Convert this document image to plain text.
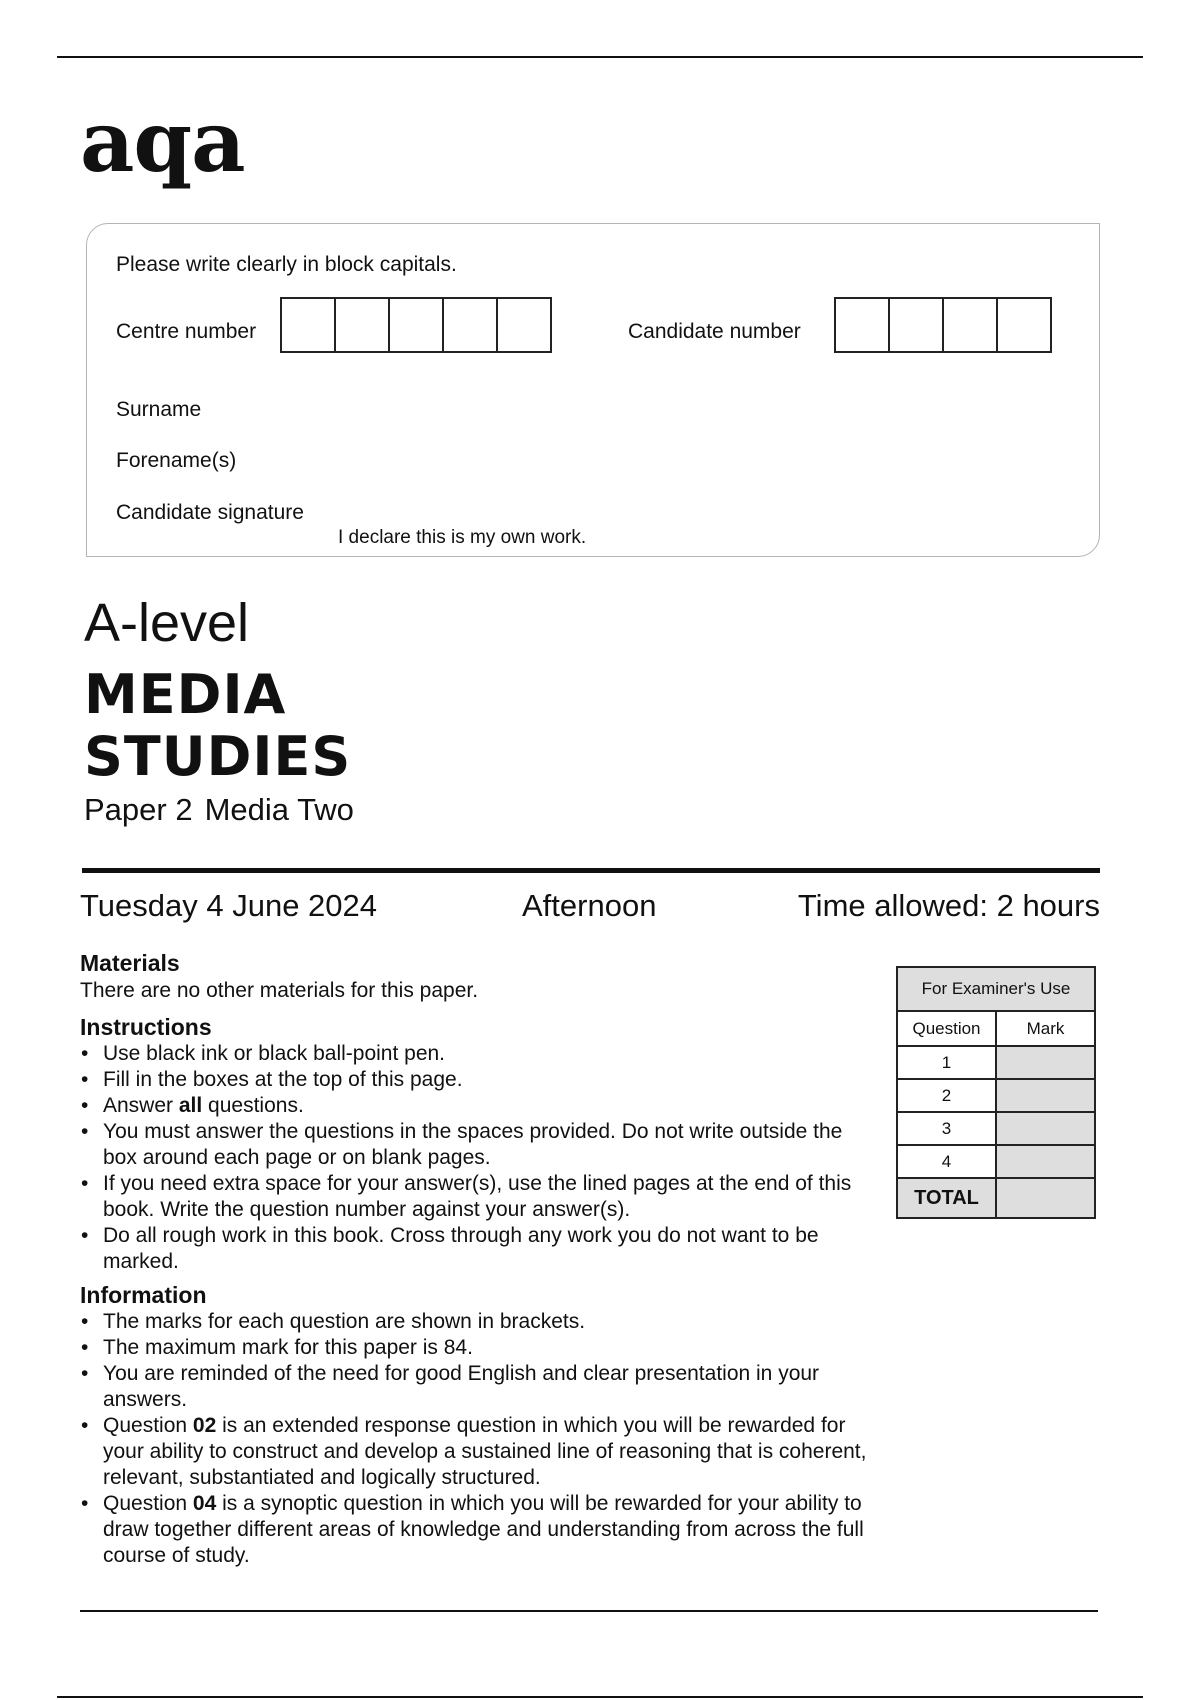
aqa
Please write clearly in block capitals.
Centre number	Candidate number
Surname
Forename(s)
Candidate signature
I declare this is my own work.
A-level
MEDIA
STUDIES
Paper 2 Media Two
Tuesday 4 June 2024	Afternoon	Time allowed: 2 hours
Materials
There are no other materials for this paper.
Instructions
• Use black ink or black ball-point pen.
• Fill in the boxes at the top of this page.
• Answer all questions.
• You must answer the questions in the spaces provided. Do not write outside the box around each page or on blank pages.
• If you need extra space for your answer(s), use the lined pages at the end of this book. Write the question number against your answer(s).
• Do all rough work in this book. Cross through any work you do not want to be marked.
Information
• The marks for each question are shown in brackets.
• The maximum mark for this paper is 84.
• You are reminded of the need for good English and clear presentation in your answers.
• Question 02 is an extended response question in which you will be rewarded for your ability to construct and develop a sustained line of reasoning that is coherent, relevant, substantiated and logically structured.
• Question 04 is a synoptic question in which you will be rewarded for your ability to draw together different areas of knowledge and understanding from across the full course of study.
For Examiner's Use	
Question	Mark
1	
2	
3	
4	
TOTAL	
